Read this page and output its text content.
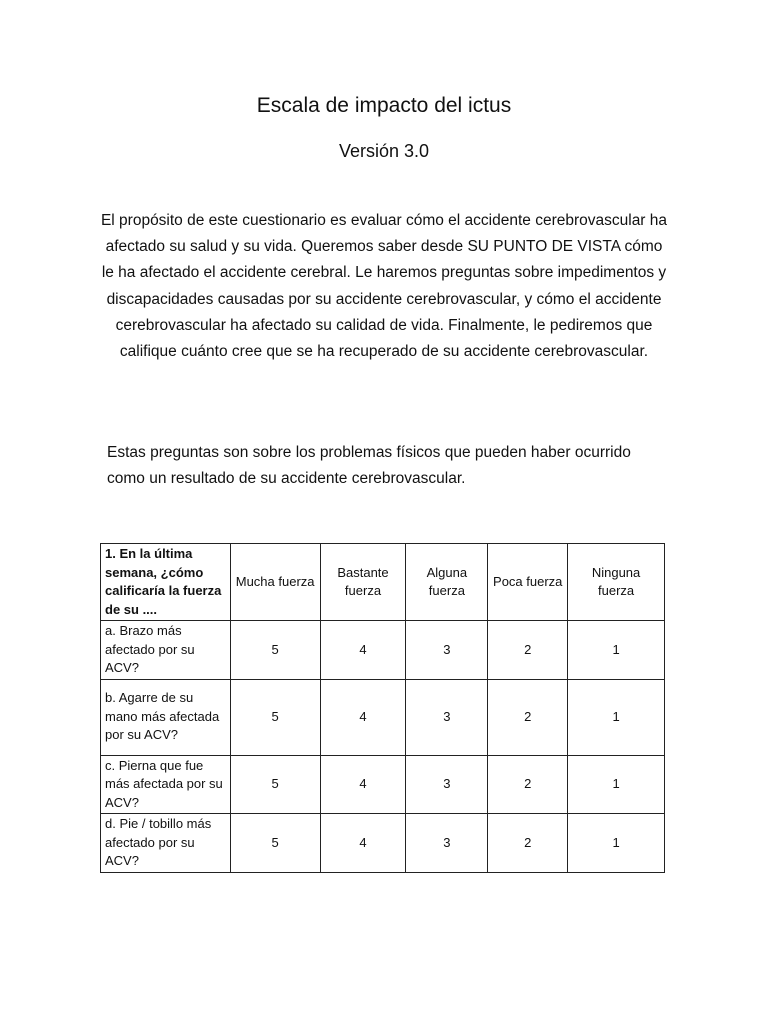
Escala de impacto del ictus
Versión 3.0

El propósito de este cuestionario es evaluar cómo el accidente cerebrovascular ha afectado su salud y su vida. Queremos saber desde SU PUNTO DE VISTA cómo le ha afectado el accidente cerebral. Le haremos preguntas sobre impedimentos y discapacidades causadas por su accidente cerebrovascular, y cómo el accidente cerebrovascular ha afectado su calidad de vida. Finalmente, le pediremos que califique cuánto cree que se ha recuperado de su accidente cerebrovascular.

Estas preguntas son sobre los problemas físicos que pueden haber ocurrido como un resultado de su accidente cerebrovascular.

1. En la última semana, ¿cómo calificaría la fuerza de su ....	Mucha fuerza	Bastante fuerza	Alguna fuerza	Poca fuerza	Ninguna fuerza
a. Brazo más afectado por su ACV?	5	4	3	2	1
b. Agarre de su mano más afectada por su ACV?	5	4	3	2	1
c. Pierna que fue más afectada por su ACV?	5	4	3	2	1
d. Pie / tobillo más afectado por su ACV?	5	4	3	2	1
